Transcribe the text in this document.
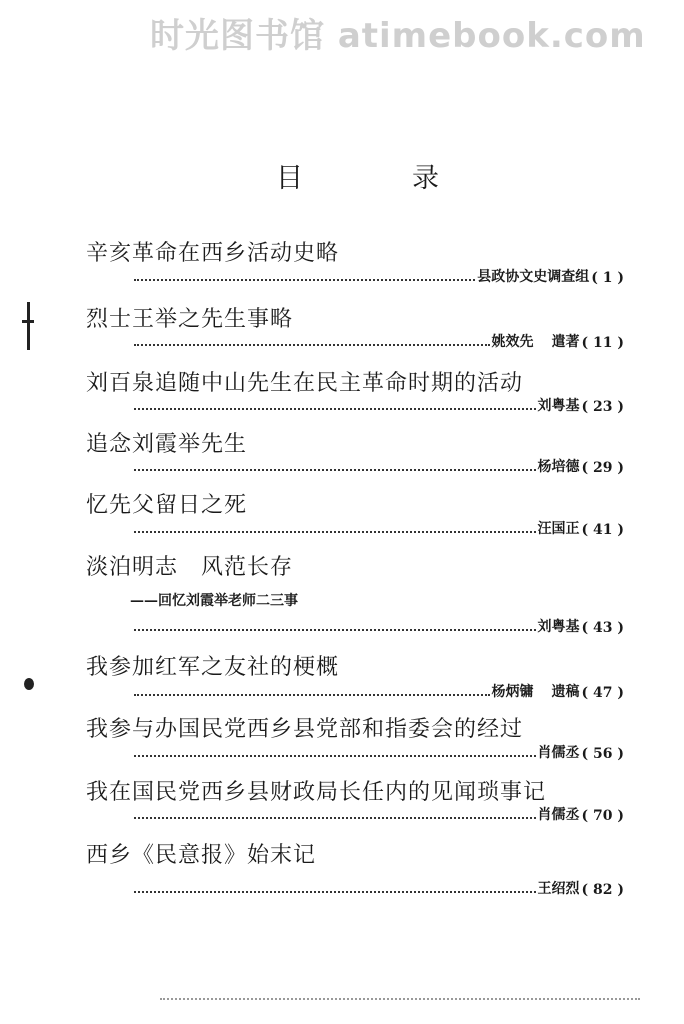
时光图书馆 atimebook.com
目	录
辛亥革命在西乡活动史略
县政协文史调查组 ( 1 )
烈士王举之先生事略
姚效先 遣著 ( 11 )
刘百泉追随中山先生在民主革命时期的活动
刘粤基 ( 23 )
追念刘霞举先生
杨培德 ( 29 )
忆先父留日之死
汪国正 ( 41 )
淡泊明志　风范长存
——回忆刘霞举老师二三事
刘粤基 ( 43 )
我参加红军之友社的梗概
杨炳镛 遗稿 ( 47 )
我参与办国民党西乡县党部和指委会的经过
肖儒丞 ( 56 )
我在国民党西乡县财政局长任内的见闻琐事记
肖儒丞 ( 70 )
西乡《民意报》始末记
王绍烈 ( 82 )
